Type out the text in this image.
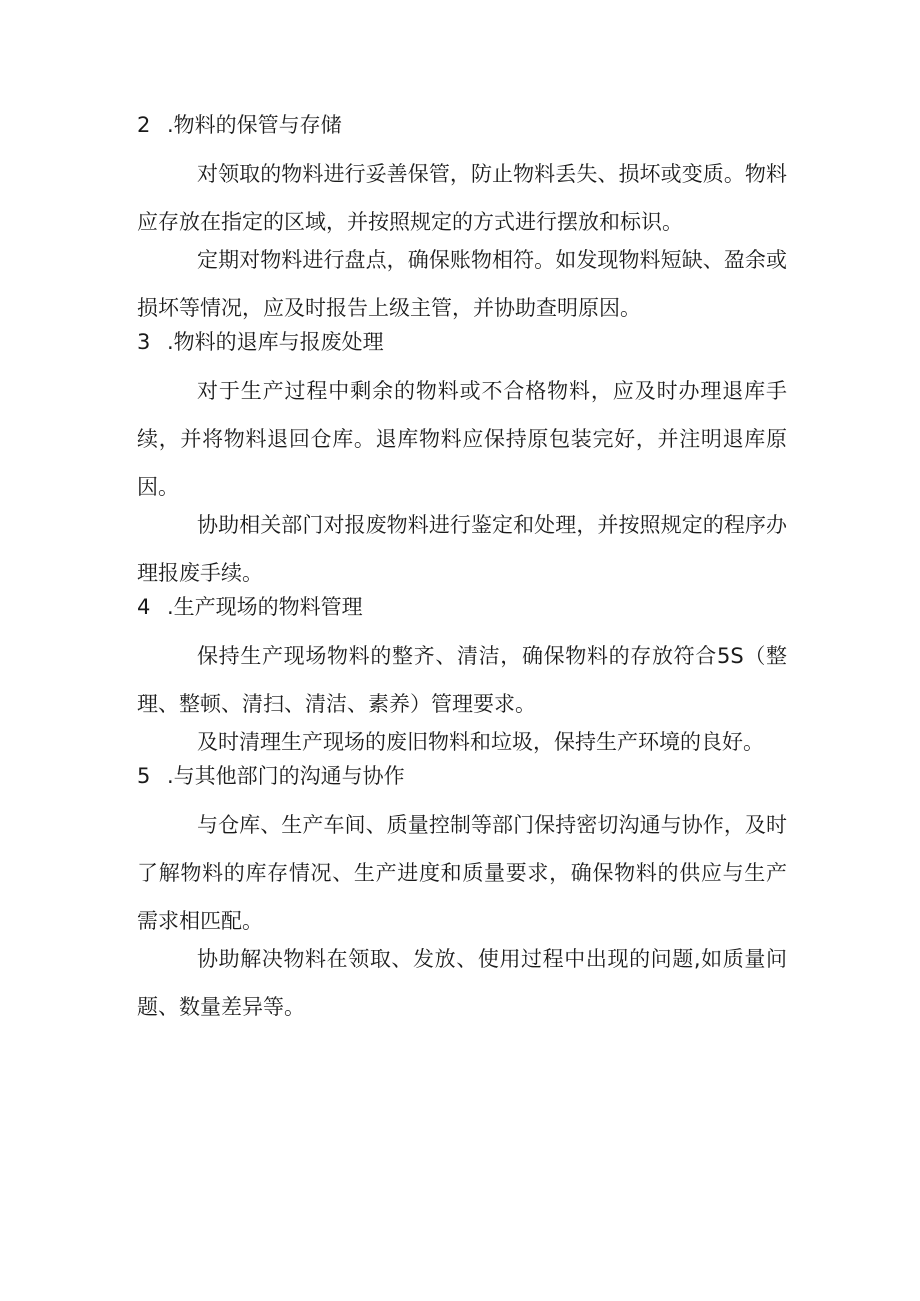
2 .物料的保管与存储

对领取的物料进行妥善保管，防止物料丢失、损坏或变质。物料应存放在指定的区域，并按照规定的方式进行摆放和标识。

定期对物料进行盘点，确保账物相符。如发现物料短缺、盈余或损坏等情况，应及时报告上级主管，并协助查明原因。

3 .物料的退库与报废处理

对于生产过程中剩余的物料或不合格物料，应及时办理退库手续，并将物料退回仓库。退库物料应保持原包装完好，并注明退库原因。

协助相关部门对报废物料进行鉴定和处理，并按照规定的程序办理报废手续。

4 .生产现场的物料管理

保持生产现场物料的整齐、清洁，确保物料的存放符合5S（整理、整顿、清扫、清洁、素养）管理要求。

及时清理生产现场的废旧物料和垃圾，保持生产环境的良好。

5 .与其他部门的沟通与协作

与仓库、生产车间、质量控制等部门保持密切沟通与协作，及时了解物料的库存情况、生产进度和质量要求，确保物料的供应与生产需求相匹配。

协助解决物料在领取、发放、使用过程中出现的问题,如质量问题、数量差异等。
